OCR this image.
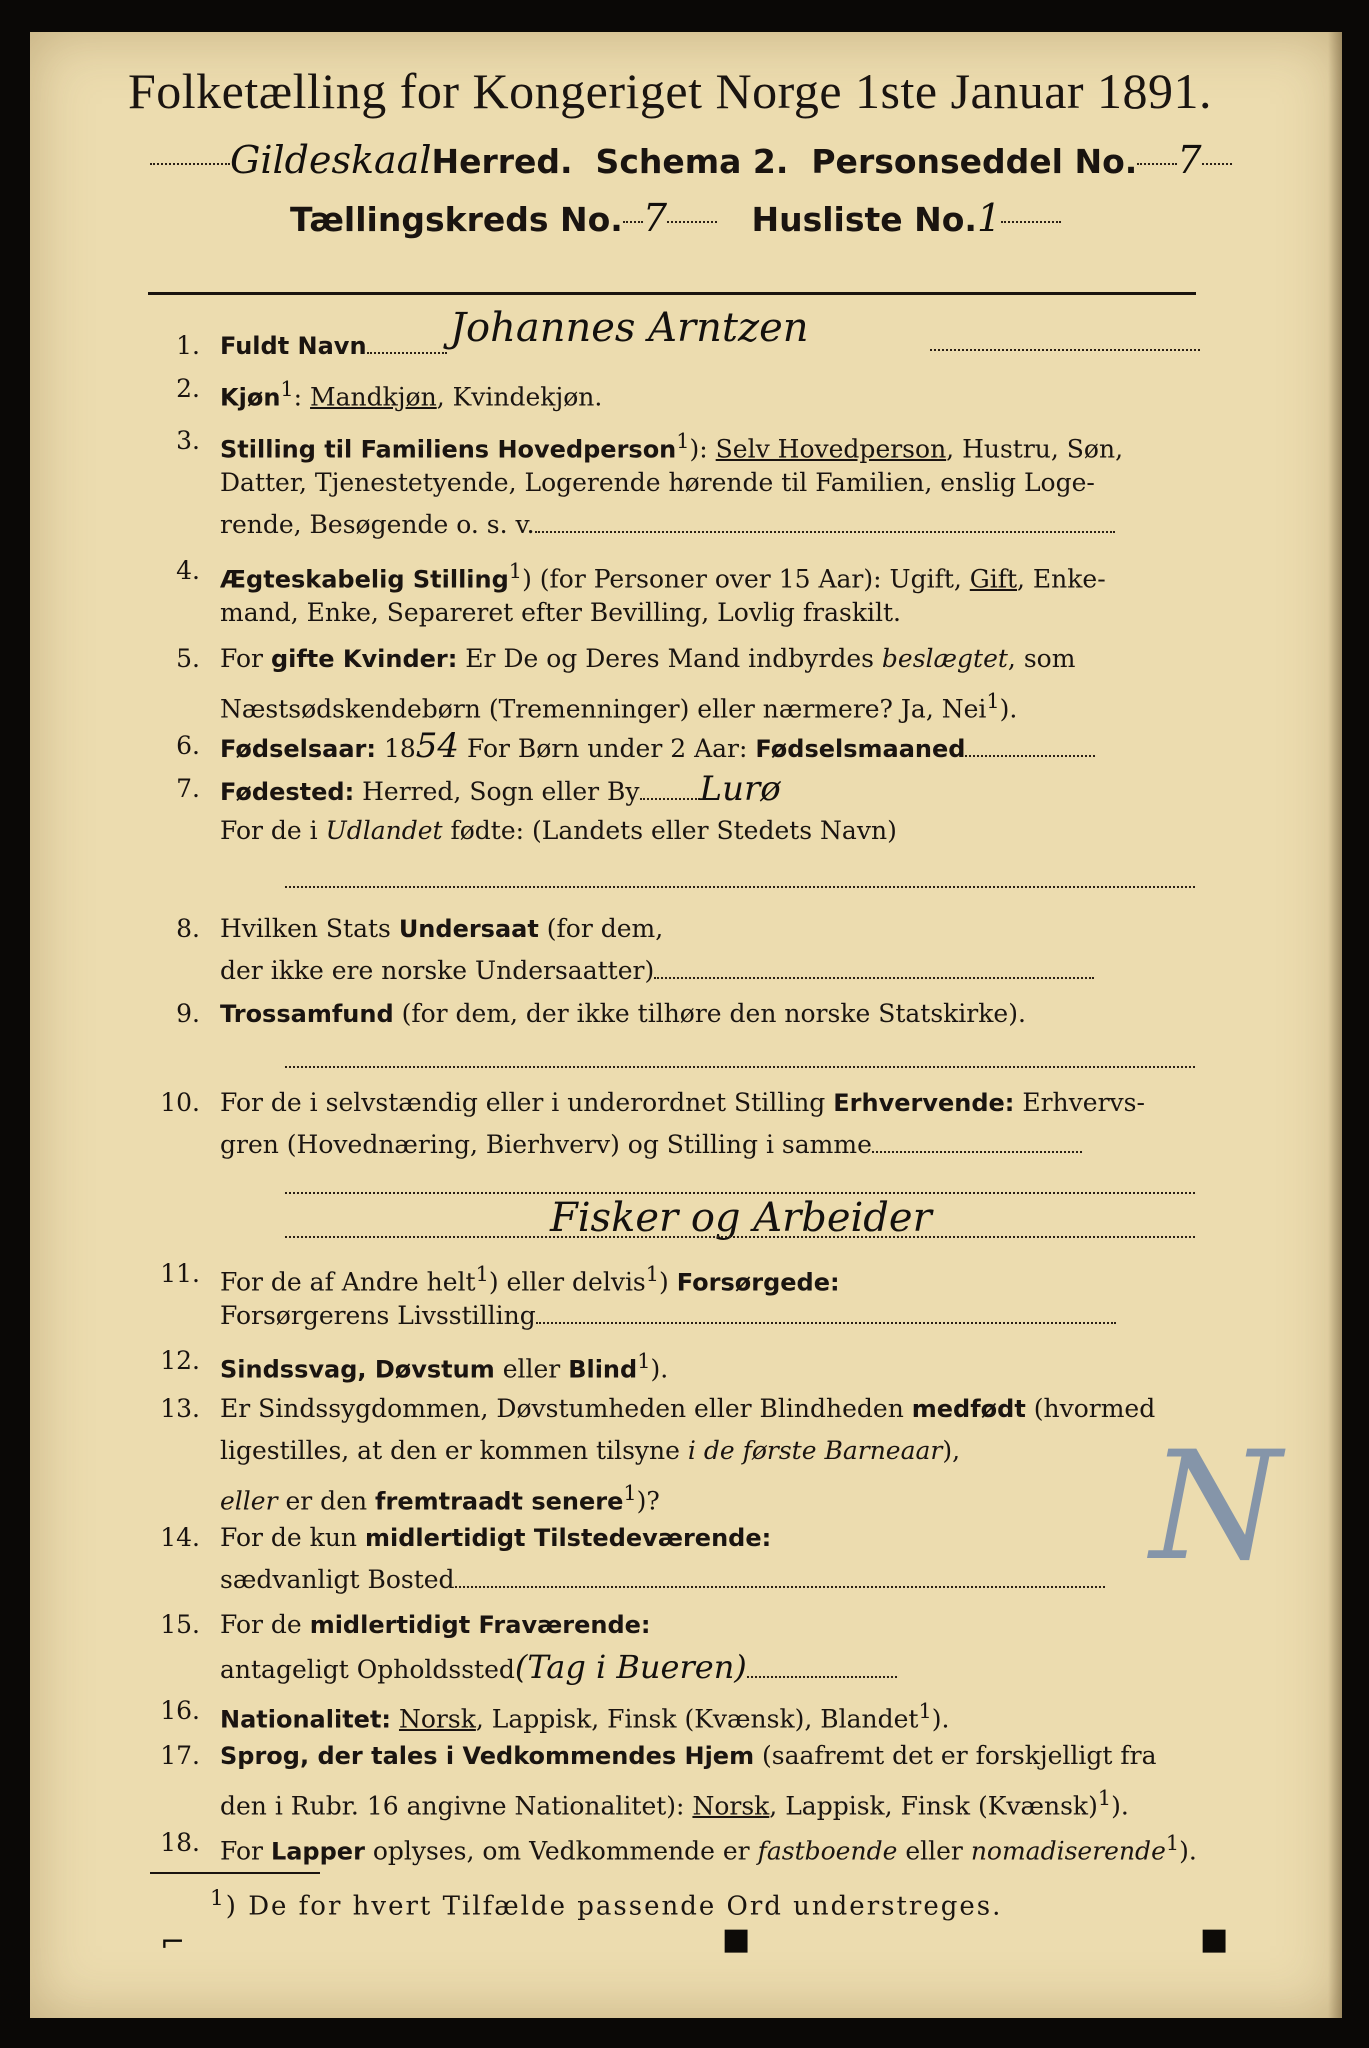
Folketælling for Kongeriget Norge 1ste Januar 1891.
GildeskaalHerred. Schema 2. Personseddel No. 7
Tællingskreds No. 7	Husliste No.1
1. Fuldt Navn	Johannes Arntzen
2. Kjøn$^1$: Mandkjøn, Kvindekjøn.
3. Stilling til Familiens Hovedperson$^1$): Selv Hovedperson, Hustru, Søn,
Datter, Tjenestetyende, Logerende hørende til Familien, enslig Loge-
rende, Besøgende o. s. v.
4. Ægteskabelig Stilling$^1$) (for Personer over 15 Aar): Ugift, Gift, Enke-
mand, Enke, Separeret efter Bevilling, Lovlig fraskilt.
5. For gifte Kvinder: Er De og Deres Mand indbyrdes beslægtet, som
Næstsødskendebørn (Tremenninger) eller nærmere? Ja, Nei$^1$).
6. Fødselsaar: 1854 For Børn under 2 Aar: Fødselsmaaned
7. Fødested: Herred, Sogn eller By Lurø
For de i Udlandet fødte: (Landets eller Stedets Navn)
8. Hvilken Stats Undersaat (for dem,
der ikke ere norske Undersaatter)
9. Trossamfund (for dem, der ikke tilhøre den norske Statskirke).
10. For de i selvstændig eller i underordnet Stilling Erhvervende: Erhvervs-
gren (Hovednæring, Bierhverv) og Stilling i samme
Fisker og Arbeider
11. For de af Andre helt$^1$) eller delvis$^1$) Forsørgede:
Forsørgerens Livsstilling
12. Sindssvag, Døvstum eller Blind$^1$).
13. Er Sindssygdommen, Døvstumheden eller Blindheden medfødt (hvormed
ligestilles, at den er kommen tilsyne i de første Barneaar),
eller er den fremtraadt senere$^1$)?
14. For de kun midlertidigt Tilstedeværende:
sædvanligt Bosted
15. For de midlertidigt Fraværende:
antageligt Opholdssted(Tag i Bueren)
16. Nationalitet: Norsk, Lappisk, Finsk (Kvænsk), Blandet$^1$).
17. Sprog, der tales i Vedkommendes Hjem (saafremt det er forskjelligt fra
den i Rubr. 16 angivne Nationalitet): Norsk, Lappisk, Finsk (Kvænsk)$^1$).
18. For Lapper oplyses, om Vedkommende er fastboende eller nomadiserende$^1$).
$^1$) De for hvert Tilfælde passende Ord understreges.
N
⌐	■	■
